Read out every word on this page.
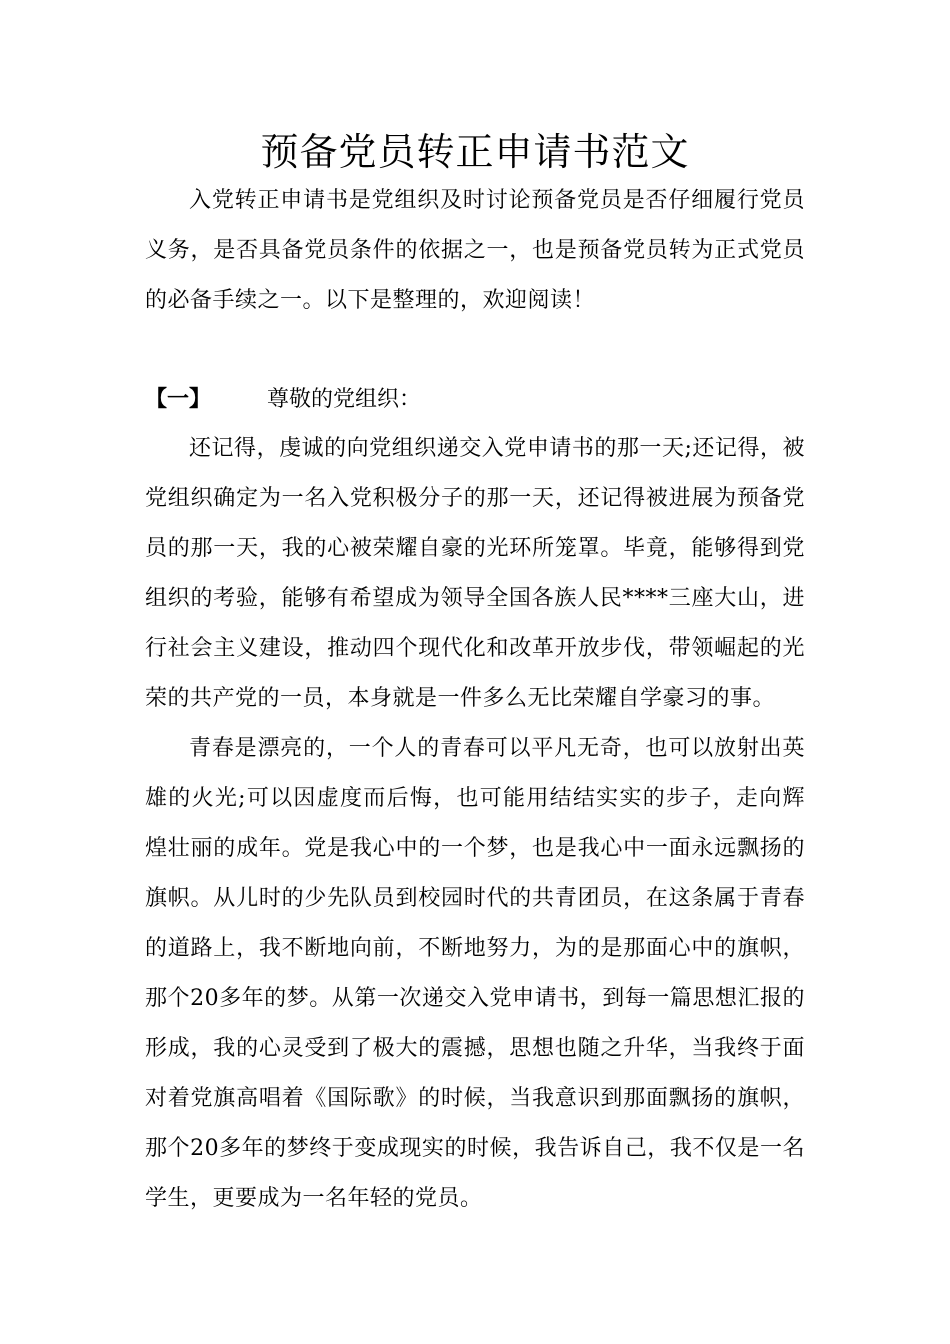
预备党员转正申请书范文

入党转正申请书是党组织及时讨论预备党员是否仔细履行党员义务，是否具备党员条件的依据之一，也是预备党员转为正式党员的必备手续之一。以下是整理的，欢迎阅读！

【一】	尊敬的党组织：

还记得，虔诚的向党组织递交入党申请书的那一天;还记得，被党组织确定为一名入党积极分子的那一天，还记得被进展为预备党员的那一天，我的心被荣耀自豪的光环所笼罩。毕竟，能够得到党组织的考验，能够有希望成为领导全国各族人民****三座大山，进行社会主义建设，推动四个现代化和改革开放步伐，带领崛起的光荣的共产党的一员，本身就是一件多么无比荣耀自学豪习的事。

青春是漂亮的，一个人的青春可以平凡无奇，也可以放射出英雄的火光;可以因虚度而后悔，也可能用结结实实的步子，走向辉煌壮丽的成年。党是我心中的一个梦，也是我心中一面永远飘扬的旗帜。从儿时的少先队员到校园时代的共青团员，在这条属于青春的道路上，我不断地向前，不断地努力，为的是那面心中的旗帜，那个20多年的梦。从第一次递交入党申请书，到每一篇思想汇报的形成，我的心灵受到了极大的震撼，思想也随之升华，当我终于面对着党旗高唱着《国际歌》的时候，当我意识到那面飘扬的旗帜，那个20多年的梦终于变成现实的时候，我告诉自己，我不仅是一名学生，更要成为一名年轻的党员。
